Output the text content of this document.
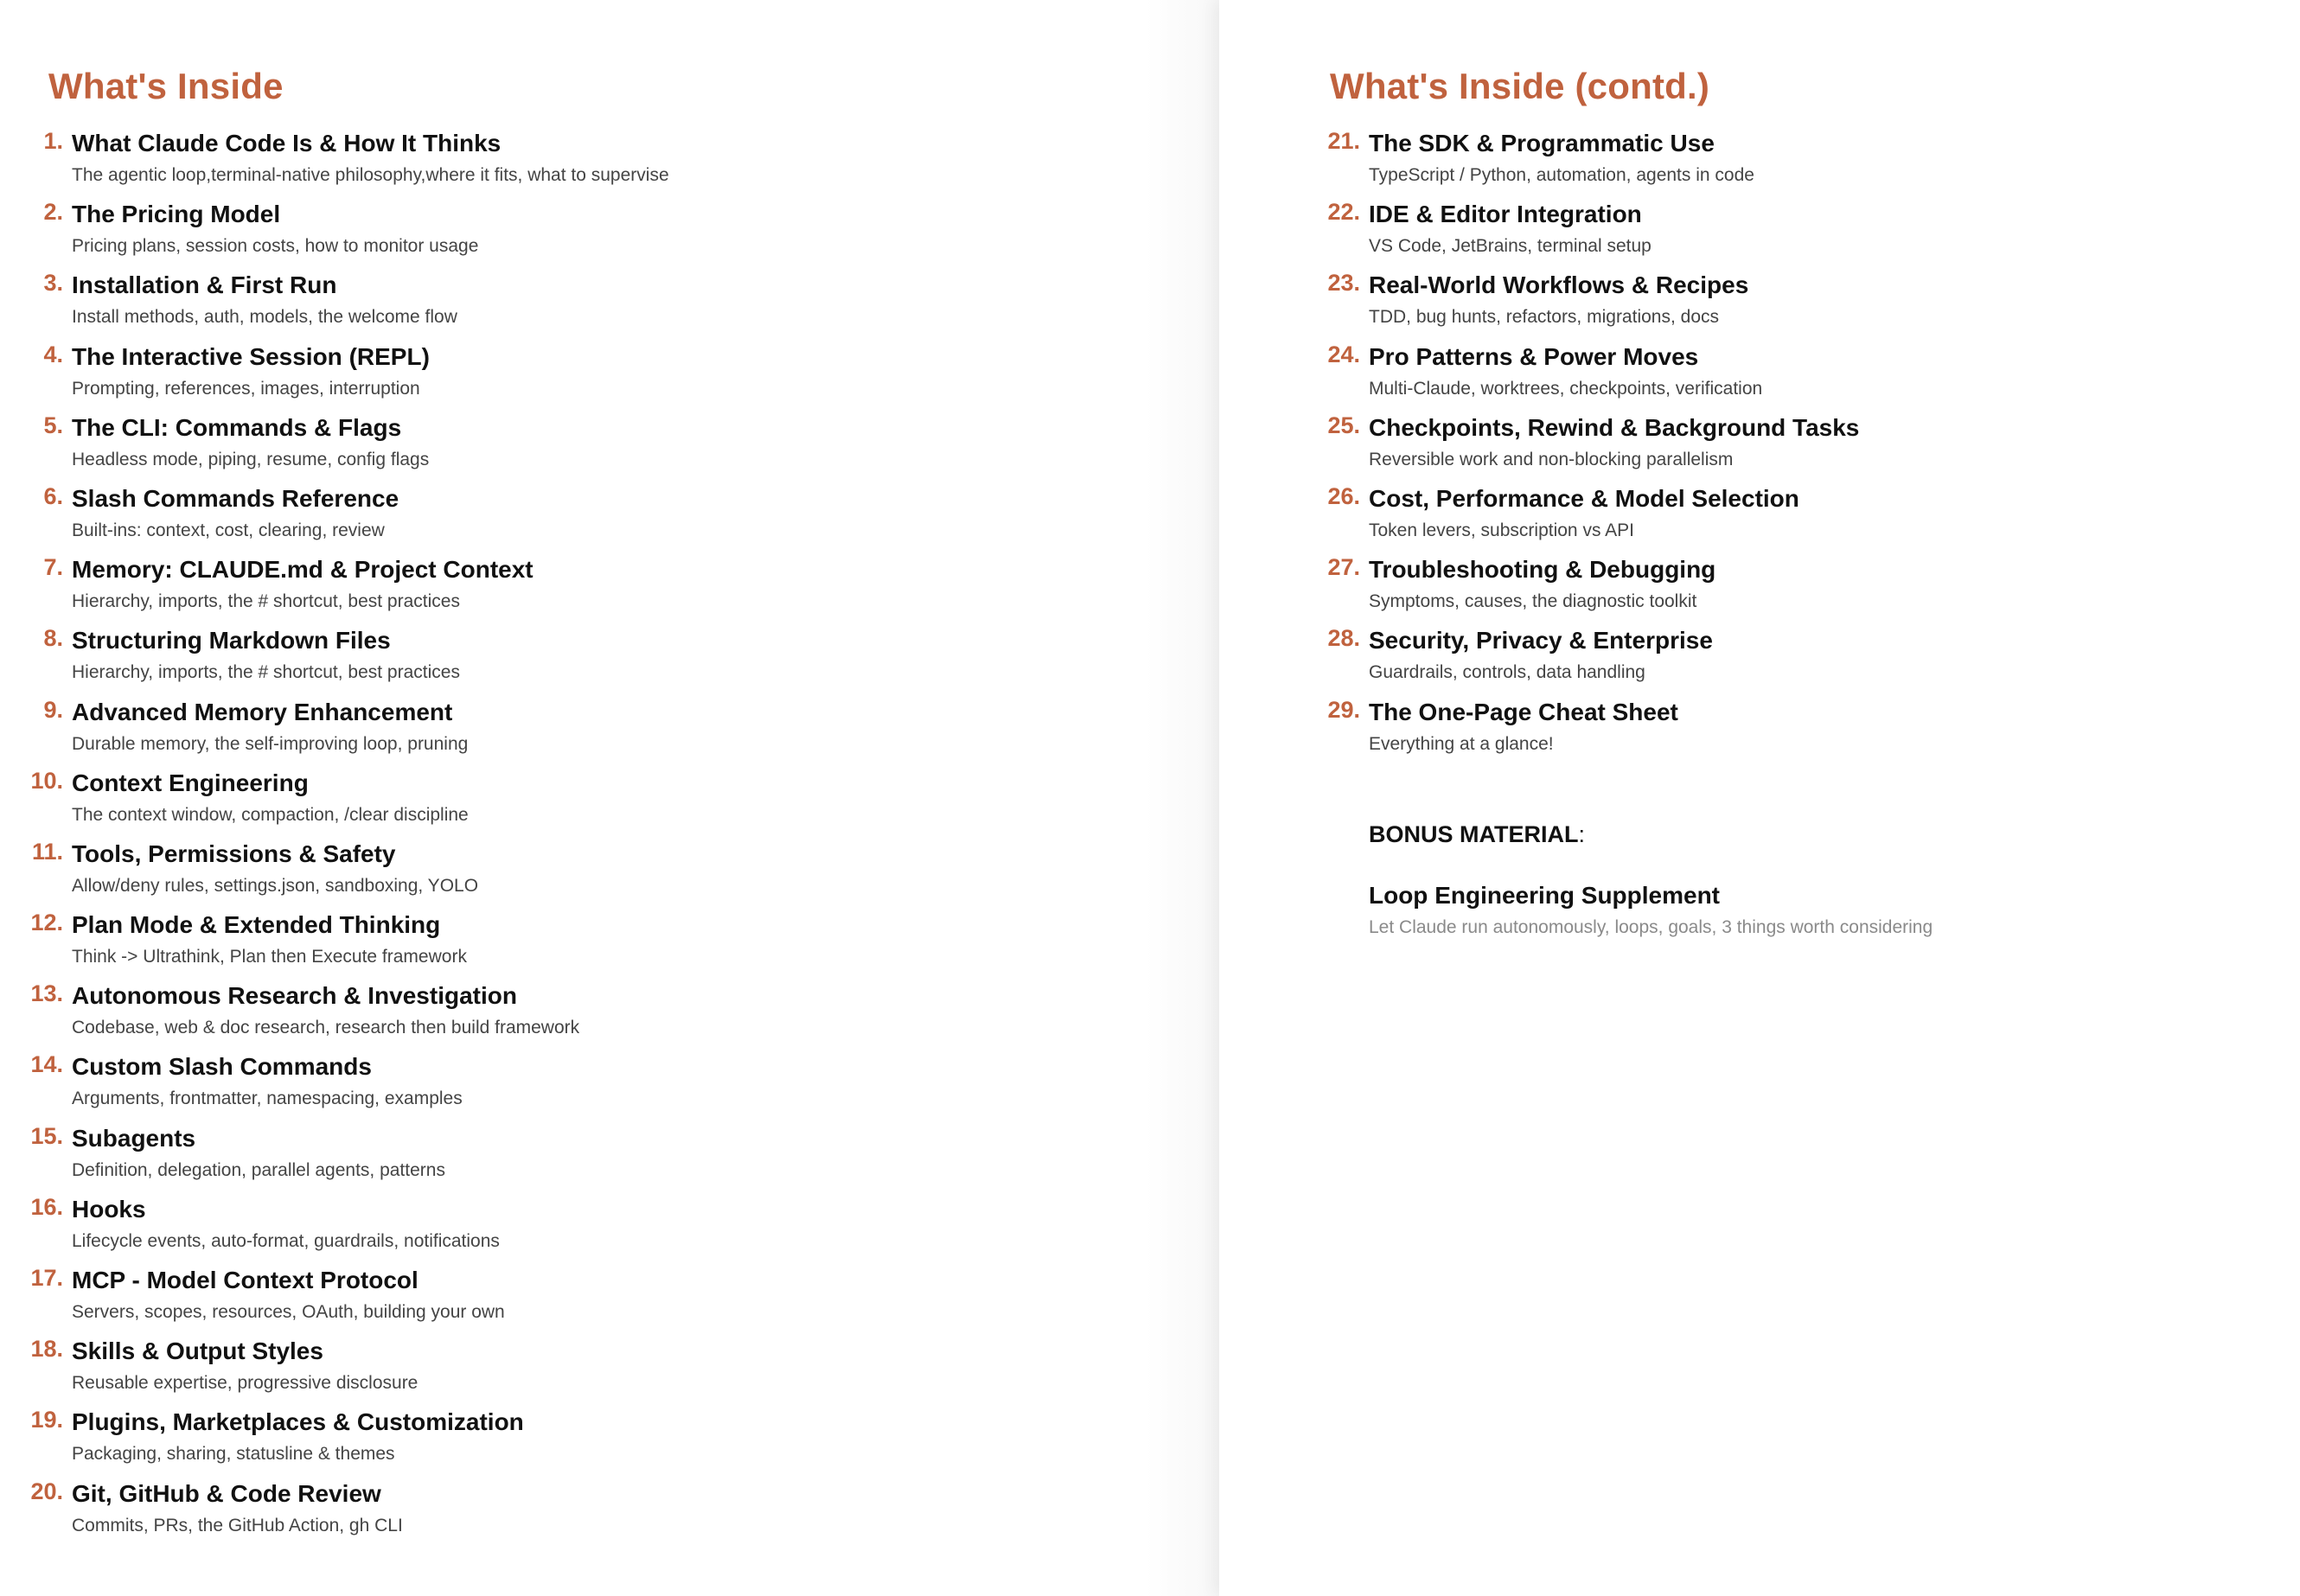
What's Inside
1. What Claude Code Is & How It Thinks
The agentic loop,terminal-native philosophy,where it fits, what to supervise
2. The Pricing Model
Pricing plans, session costs, how to monitor usage
3. Installation & First Run
Install methods, auth, models, the welcome flow
4. The Interactive Session (REPL)
Prompting, references, images, interruption
5. The CLI: Commands & Flags
Headless mode, piping, resume, config flags
6. Slash Commands Reference
Built-ins: context, cost, clearing, review
7. Memory: CLAUDE.md & Project Context
Hierarchy, imports, the # shortcut, best practices
8. Structuring Markdown Files
Hierarchy, imports, the # shortcut, best practices
9. Advanced Memory Enhancement
Durable memory, the self-improving loop, pruning
10. Context Engineering
The context window, compaction, /clear discipline
11. Tools, Permissions & Safety
Allow/deny rules, settings.json, sandboxing, YOLO
12. Plan Mode & Extended Thinking
Think -> Ultrathink, Plan then Execute framework
13. Autonomous Research & Investigation
Codebase, web & doc research, research then build framework
14. Custom Slash Commands
Arguments, frontmatter, namespacing, examples
15. Subagents
Definition, delegation, parallel agents, patterns
16. Hooks
Lifecycle events, auto-format, guardrails, notifications
17. MCP - Model Context Protocol
Servers, scopes, resources, OAuth, building your own
18. Skills & Output Styles
Reusable expertise, progressive disclosure
19. Plugins, Marketplaces & Customization
Packaging, sharing, statusline & themes
20. Git, GitHub & Code Review
Commits, PRs, the GitHub Action, gh CLI
What's Inside (contd.)
21. The SDK & Programmatic Use
TypeScript / Python, automation, agents in code
22. IDE & Editor Integration
VS Code, JetBrains, terminal setup
23. Real-World Workflows & Recipes
TDD, bug hunts, refactors, migrations, docs
24. Pro Patterns & Power Moves
Multi-Claude, worktrees, checkpoints, verification
25. Checkpoints, Rewind & Background Tasks
Reversible work and non-blocking parallelism
26. Cost, Performance & Model Selection
Token levers, subscription vs API
27. Troubleshooting & Debugging
Symptoms, causes, the diagnostic toolkit
28. Security, Privacy & Enterprise
Guardrails, controls, data handling
29. The One-Page Cheat Sheet
Everything at a glance!

BONUS MATERIAL:

Loop Engineering Supplement
Let Claude run autonomously, loops, goals, 3 things worth considering
